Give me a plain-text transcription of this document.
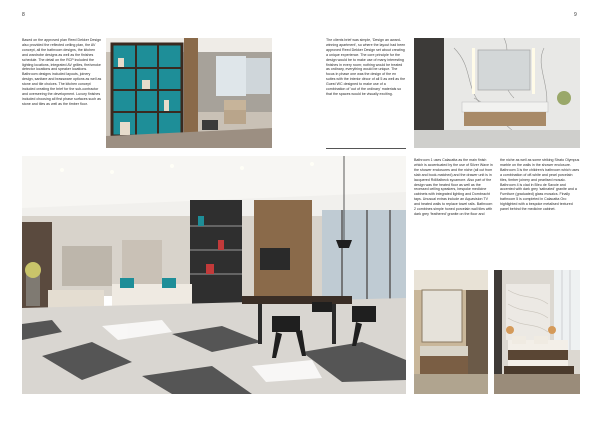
8	9

Based on the approved plan Reed Dekker Design also provided the reflected ceiling plan, the AV concept, all the bathroom designs, the kitchen and wardrobe designs as well as the finishes schedule. The detail on the RCP included the lighting locations, integrated AV grilles, fire/smoke detector locations and speaker locations. Bathroom designs included layouts, joinery design, sanitare and brassware options as well as stone and tile choices. The kitchen concept included creating the brief for the sub-contractor and overseeing the development. Luxury finishes included choosing all first phase surfaces such as stone and tiles as well as the timber floor.

The clients brief was simple, 'Design an award-winning apartment', so where the layout had been approved Reed Dekker Design set about creating a unique experience. The core principle for the design would be to make use of many interesting finishes in every room; nothing would be treated as ordinary, everything would be unique. The focus in phase one was the design of the en suites with the interior décor of all 5 as well as the Guest WC designed to make use of a combination of 'out of the ordinary' materials so that the spaces would be visually exciting.

Bathroom 1 uses Calacatta as the main finish which is accentuated by the use of Silver Wave in the shower enclosures and the niche (all cut from slab and book-matched) and the drawer unit is in lacquered RdMalbeck sycamore. Also part of the design was the heated floor as well as the recessed ceiling speakers, bespoke medicine cabinets with integrated lighting and Dornbracht taps. Unusual extras include an Aquavision TV and heated walls to replace towel rails. Bathroom 2 combines simple honed porcelain wall tiles with dark grey 'feathered' granite on the floor and

the niche as well as some striking Strato Olympus marble on the walls in the shower enclosure. Bathroom 3 is the children's bathroom which uses a combination of off-white and pearl porcelain tiles, timber joinery and pearlised mosaic. Bathroom 4 is clad in Bleu de Savoie and accented with dark grey 'satinated' granite and a Furniture (graduated) glass mosaics. Finally bathroom 5 is completed in Calacatta Oro highlighted with a bespoke metalised textured panel behind the medicine cabinet.
